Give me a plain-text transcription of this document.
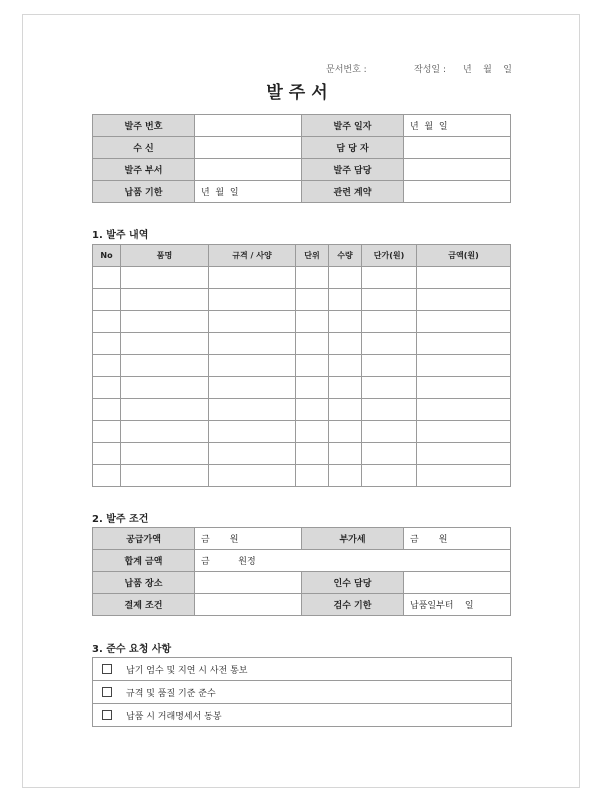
문서번호 :	작성일 : 년    월    일
발주서
발주 번호		발주 일자	년  월  일
수 신		담 당 자	
발주 부서		발주 담당	
납품 기한	년  월  일	관련 계약	
1. 발주 내역
No	품명	규격 / 사양	단위	수량	단가(원)	금액(원)

2. 발주 조건
공급가액	금       원	부가세	금       원
합계 금액	금          원정		
납품 장소		인수 담당	
결제 조건		검수 기한	납품일부터    일
3. 준수 요청 사항
납기 엄수 및 지연 시 사전 통보
규격 및 품질 기준 준수
납품 시 거래명세서 동봉
